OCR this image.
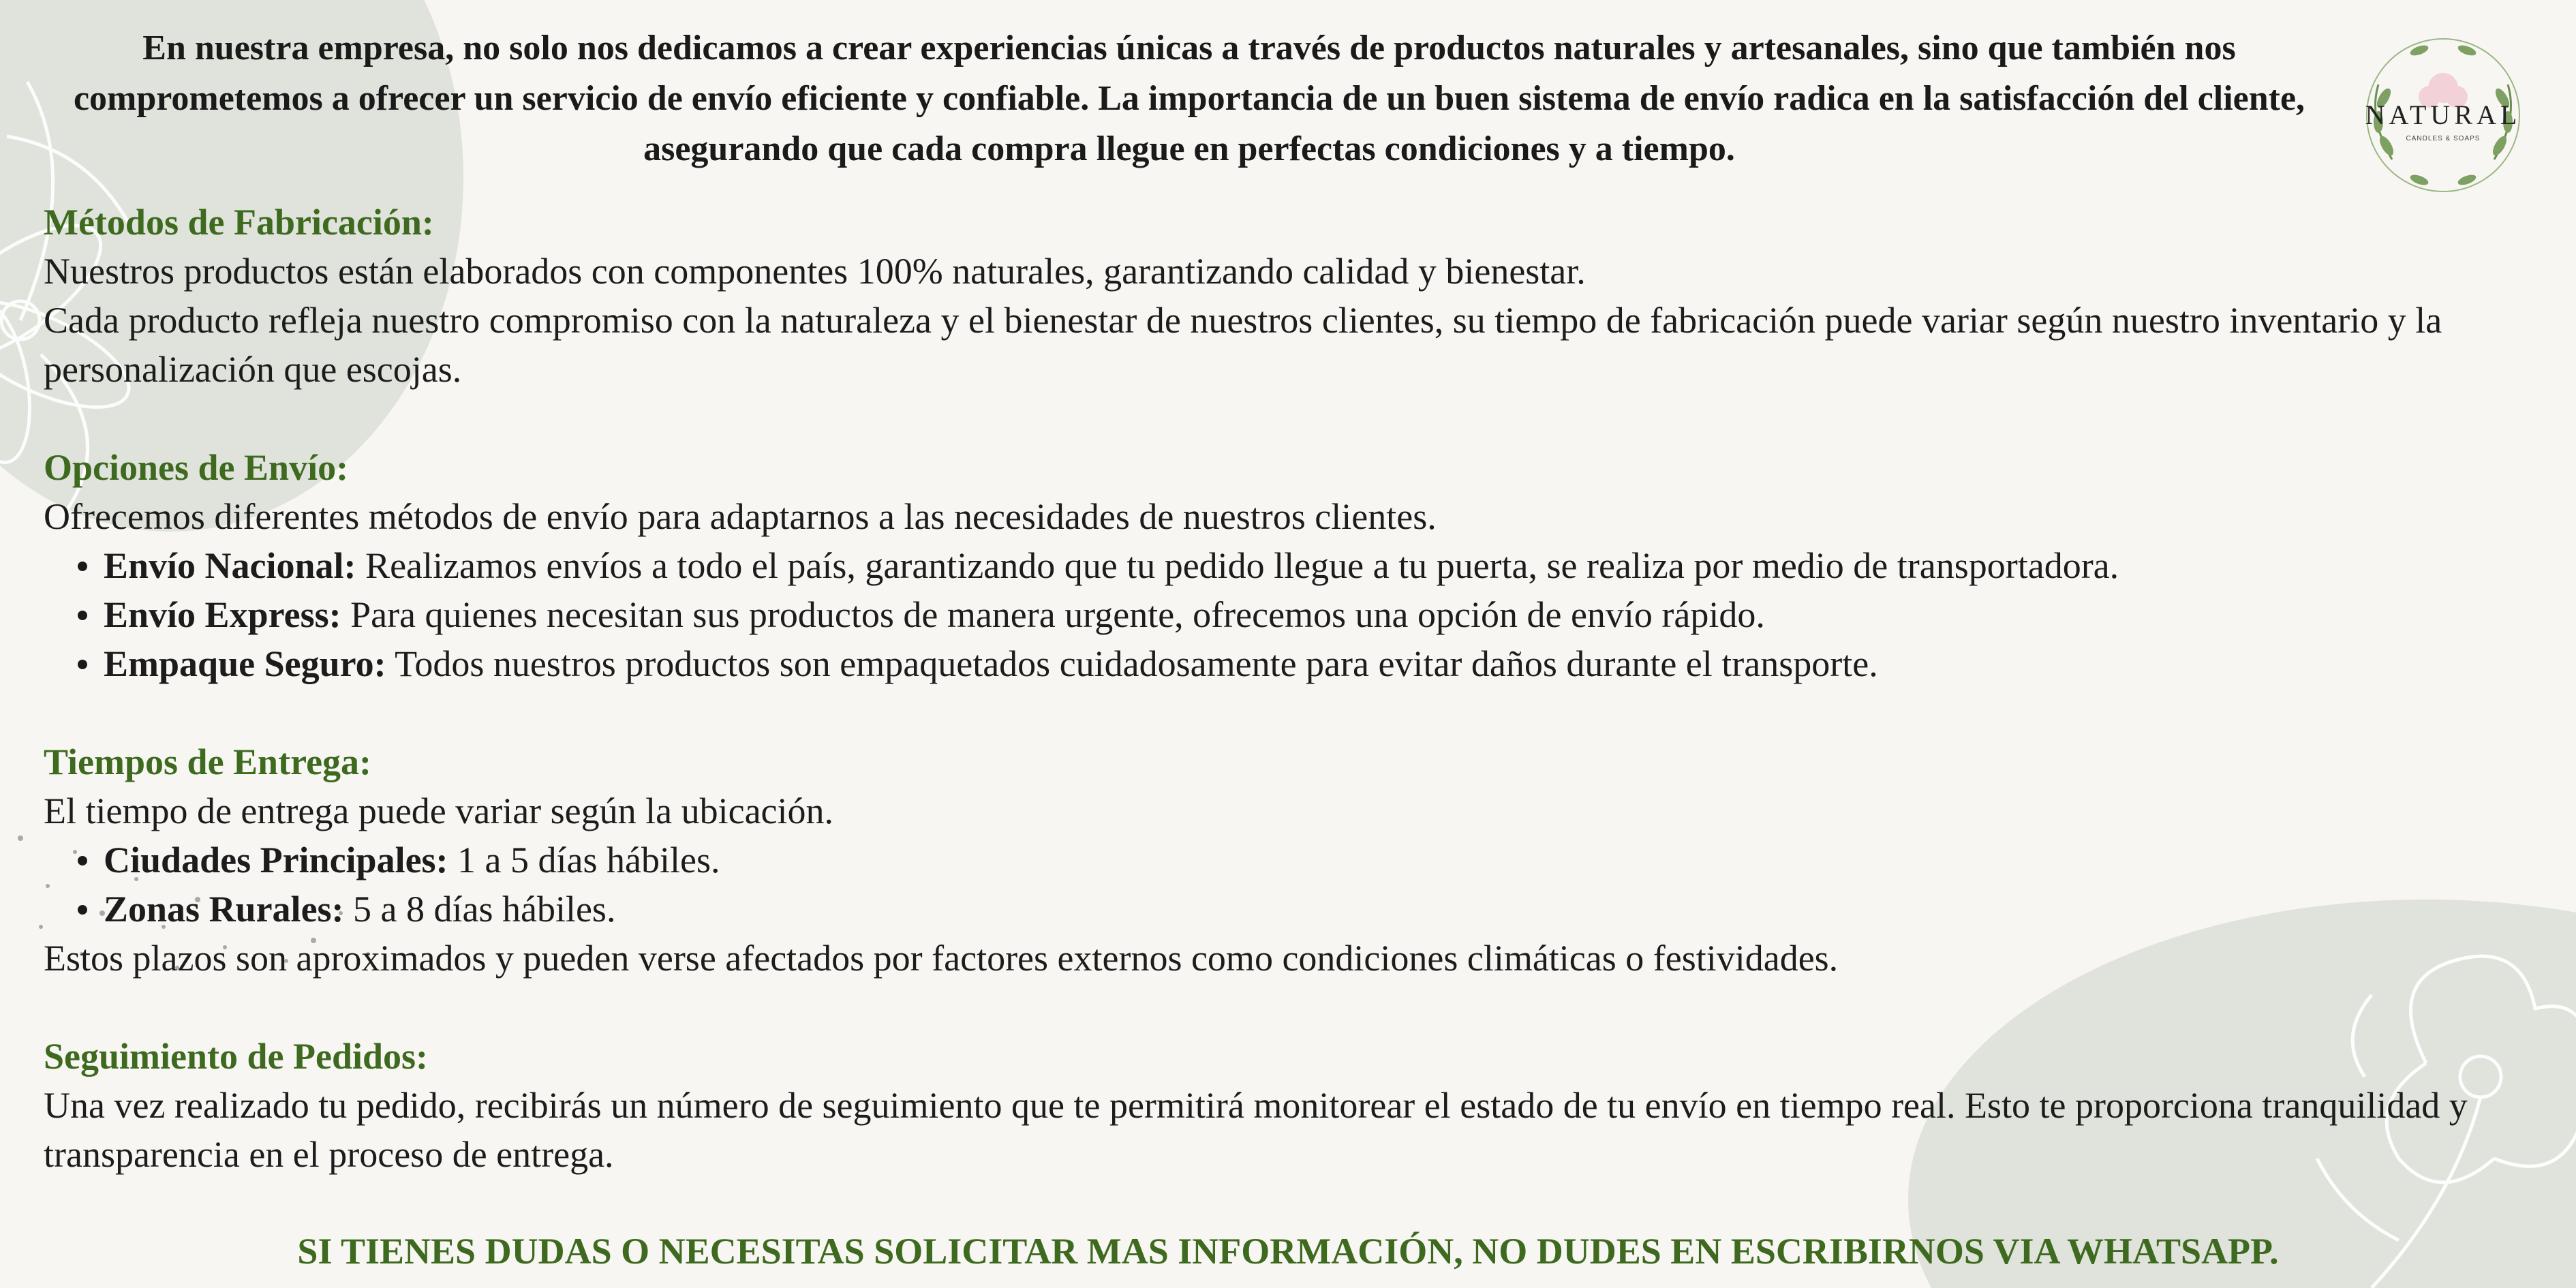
NATURAL
CANDLES & SOAPS
En nuestra empresa, no solo nos dedicamos a crear experiencias únicas a través de productos naturales y artesanales, sino que también nos comprometemos a ofrecer un servicio de envío eficiente y confiable. La importancia de un buen sistema de envío radica en la satisfacción del cliente, asegurando que cada compra llegue en perfectas condiciones y a tiempo.

Métodos de Fabricación:

Nuestros productos están elaborados con componentes 100% naturales, garantizando calidad y bienestar.

Cada producto refleja nuestro compromiso con la naturaleza y el bienestar de nuestros clientes, su tiempo de fabricación puede variar según nuestro inventario y la personalización que escojas.

Opciones de Envío:

Ofrecemos diferentes métodos de envío para adaptarnos a las necesidades de nuestros clientes.

Envío Nacional: Realizamos envíos a todo el país, garantizando que tu pedido llegue a tu puerta, se realiza por medio de transportadora.
Envío Express: Para quienes necesitan sus productos de manera urgente, ofrecemos una opción de envío rápido.
Empaque Seguro: Todos nuestros productos son empaquetados cuidadosamente para evitar daños durante el transporte.

Tiempos de Entrega:

El tiempo de entrega puede variar según la ubicación.

Ciudades Principales: 1 a 5 días hábiles.
Zonas Rurales: 5 a 8 días hábiles.

Estos plazos son aproximados y pueden verse afectados por factores externos como condiciones climáticas o festividades.

Seguimiento de Pedidos:

Una vez realizado tu pedido, recibirás un número de seguimiento que te permitirá monitorear el estado de tu envío en tiempo real. Esto te proporciona tranquilidad y transparencia en el proceso de entrega.

SI TIENES DUDAS O NECESITAS SOLICITAR MAS INFORMACIÓN, NO DUDES EN ESCRIBIRNOS VIA WHATSAPP.
